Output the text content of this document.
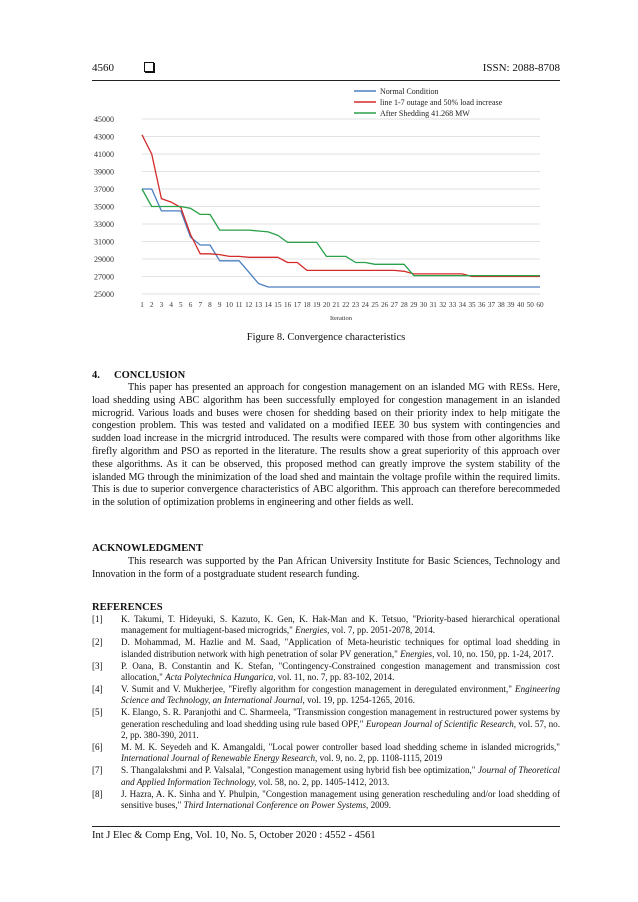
4560	ISSN: 2088-8708
25000
27000
29000
31000
33000
35000
37000
39000
41000
43000
45000
1 2 3 4 5 6 7 8 9 10 11 12 13 14 15 16 17 18 19 20 21 22 23 24 25 26 27 28 29 30 31 32 33 34 35 36 37 38 39 40 50 60
Iteration
Normal Condition
line 1-7 outage and 50% load increase
After Shedding 41.268 MW
Figure 8. Convergence characteristics
4. CONCLUSION

This paper has presented an approach for congestion management on an islanded MG with RESs. Here, load shedding using ABC algorithm has been successfully employed for congestion management in an islanded microgrid. Various loads and buses were chosen for shedding based on their priority index to help mitigate the congestion problem. This was tested and validated on a modified IEEE 30 bus system with contingencies and sudden load increase in the micrgrid introduced. The results were compared with those from other algorithms like firefly algorithm and PSO as reported in the literature. The results show a great superiority of this approach over these algorithms. As it can be observed, this proposed method can greatly improve the system stability of the islanded MG through the minimization of the load shed and maintain the voltage profile within the required limits. This is due to superior convergence characteristics of ABC algorithm. This approach can therefore berecommeded in the solution of optimization problems in engineering and other fields as well.

ACKNOWLEDGMENT

This research was supported by the Pan African University Institute for Basic Sciences, Technology and Innovation in the form of a postgraduate student research funding.

REFERENCES
[1] K. Takumi, T. Hideyuki, S. Kazuto, K. Gen, K. Hak-Man and K. Tetsuo, "Priority-based hierarchical operational management for multiagent-based microgrids," Energies, vol. 7, pp. 2051-2078, 2014.
[2] D. Mohammad, M. Hazlie and M. Saad, "Application of Meta-heuristic techniques for optimal load shedding in islanded distribution network with high penetration of solar PV generation," Energies, vol. 10, no. 150, pp. 1-24, 2017.
[3] P. Oana, B. Constantin and K. Stefan, "Contingency-Constrained congestion management and transmission cost allocation," Acta Polytechnica Hungarica, vol. 11, no. 7, pp. 83-102, 2014.
[4] V. Sumit and V. Mukherjee, "Firefly algorithm for congestion management in deregulated environment," Engineering Science and Technology, an International Journal, vol. 19, pp. 1254-1265, 2016.
[5] K. Elango, S. R. Paranjothi and C. Sharmeela, "Transmission congestion management in restructured power systems by generation rescheduling and load shedding using rule based OPF," European Journal of Scientific Research, vol. 57, no. 2, pp. 380-390, 2011.
[6] M. M. K. Seyedeh and K. Amangaldi, "Local power controller based load shedding scheme in islanded microgrids," International Journal of Renewable Energy Research, vol. 9, no. 2, pp. 1108-1115, 2019
[7] S. Thangalakshmi and P. Valsalal, "Congestion management using hybrid fish bee optimization," Journal of Theoretical and Applied Information Technology, vol. 58, no. 2, pp. 1405-1412, 2013.
[8] J. Hazra, A. K. Sinha and Y. Phulpin, "Congestion management using generation rescheduling and/or load shedding of sensitive buses," Third International Conference on Power Systems, 2009.
Int J Elec & Comp Eng, Vol. 10, No. 5, October 2020 : 4552 - 4561
